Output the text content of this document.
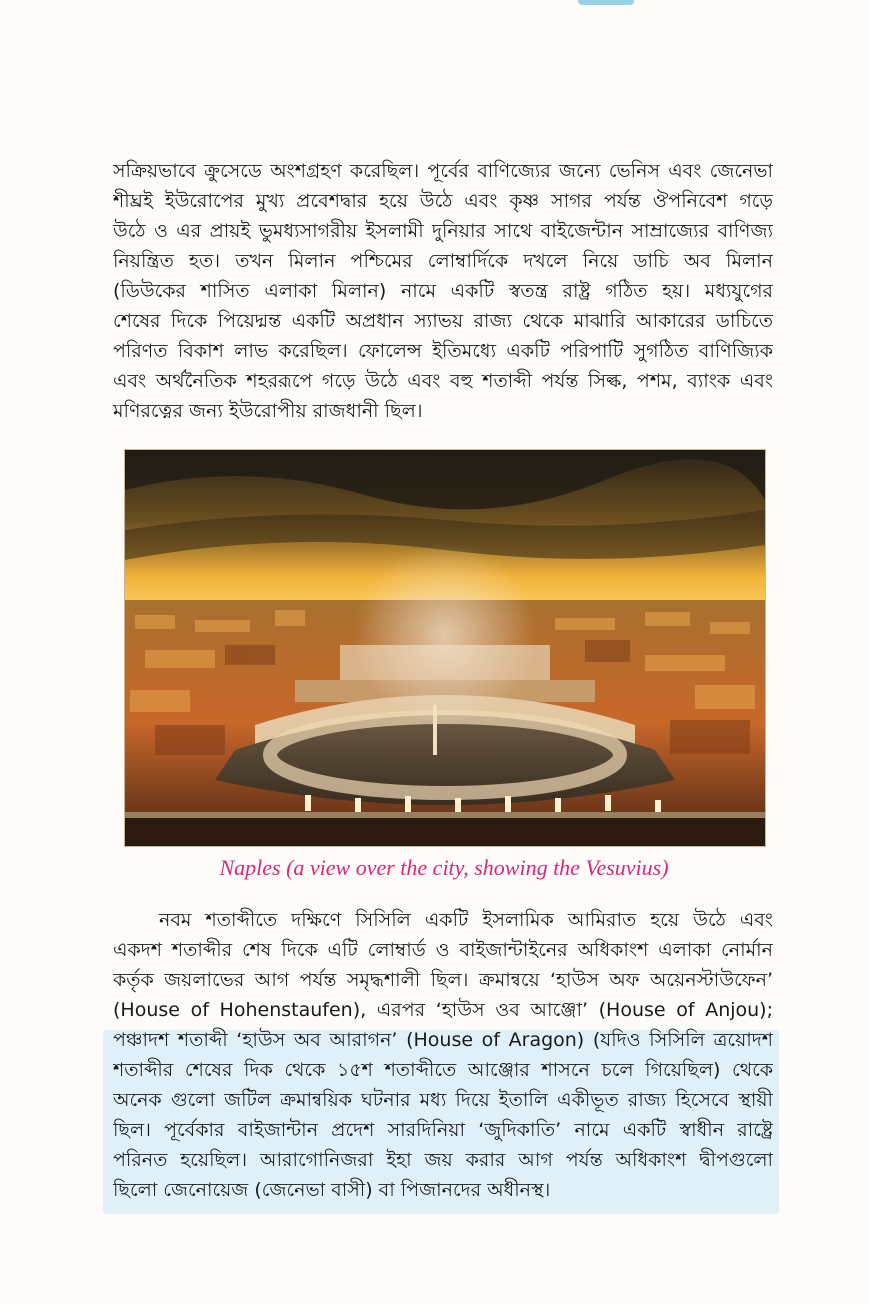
সক্রিয়ভাবে ক্রুসেডে অংশগ্রহণ করেছিল। পূর্বের বাণিজ্যের জন্যে ভেনিস এবং জেনেভা
শীঘ্রই ইউরোপের মুখ্য প্রবেশদ্বার হয়ে উঠে এবং কৃষ্ণ সাগর পর্যন্ত ঔপনিবেশ গড়ে
উঠে ও এর প্রায়ই ভুমধ্যসাগরীয় ইসলামী দুনিয়ার সাথে বাইজেন্টান সাম্রাজ্যের বাণিজ্য
নিয়ন্ত্রিত হত। তখন মিলান পশ্চিমের লোম্বার্দিকে দখলে নিয়ে ডাচি অব মিলান
(ডিউকের শাসিত এলাকা মিলান) নামে একটি স্বতন্ত্র রাষ্ট্র গঠিত হয়। মধ্যযুগের
শেষের দিকে পিয়েদ্মন্ত একটি অপ্রধান স্যাভয় রাজ্য থেকে মাঝারি আকারের ডাচিতে
পরিণত বিকাশ লাভ করেছিল। ফোলেন্স ইতিমধ্যে একটি পরিপাটি সুগঠিত বাণিজ্যিক
এবং অর্থনৈতিক শহররূপে গড়ে উঠে এবং বহু শতাব্দী পর্যন্ত সিল্ক, পশম, ব্যাংক এবং
মণিরত্নের জন্য ইউরোপীয় রাজধানী ছিল।

Naples (a view over the city, showing the Vesuvius)

নবম শতাব্দীতে দক্ষিণে সিসিলি একটি ইসলামিক আমিরাত হয়ে উঠে এবং
একদশ শতাব্দীর শেষ দিকে এটি লোম্বার্ড ও বাইজান্টাইনের অধিকাংশ এলাকা নোর্মান
কর্তৃক জয়লাভের আগ পর্যন্ত সমৃদ্ধশালী ছিল। ক্রমান্বয়ে ‘হাউস অফ অয়েনস্টাউফেন’
(House of Hohenstaufen), এরপর ‘হাউস ওব আঞ্জো’ (House of Anjou);
পঞ্চাদশ শতাব্দী ‘হাউস অব আরাগন’ (House of Aragon) (যদিও সিসিলি ত্রয়োদশ
শতাব্দীর শেষের দিক থেকে ১৫শ শতাব্দীতে আঞ্জোর শাসনে চলে গিয়েছিল) থেকে
অনেক গুলো জটিল ক্রমান্বয়িক ঘটনার মধ্য দিয়ে ইতালি একীভূত রাজ্য হিসেবে স্থায়ী
ছিল। পূর্বেকার বাইজান্টান প্রদেশ সারদিনিয়া ‘জুদিকাতি’ নামে একটি স্বাধীন রাষ্ট্রে
পরিনত হয়েছিল। আরাগোনিজরা ইহা জয় করার আগ পর্যন্ত অধিকাংশ দ্বীপগুলো
ছিলো জেনোয়েজ (জেনেভা বাসী) বা পিজানদের অধীনস্থ।
